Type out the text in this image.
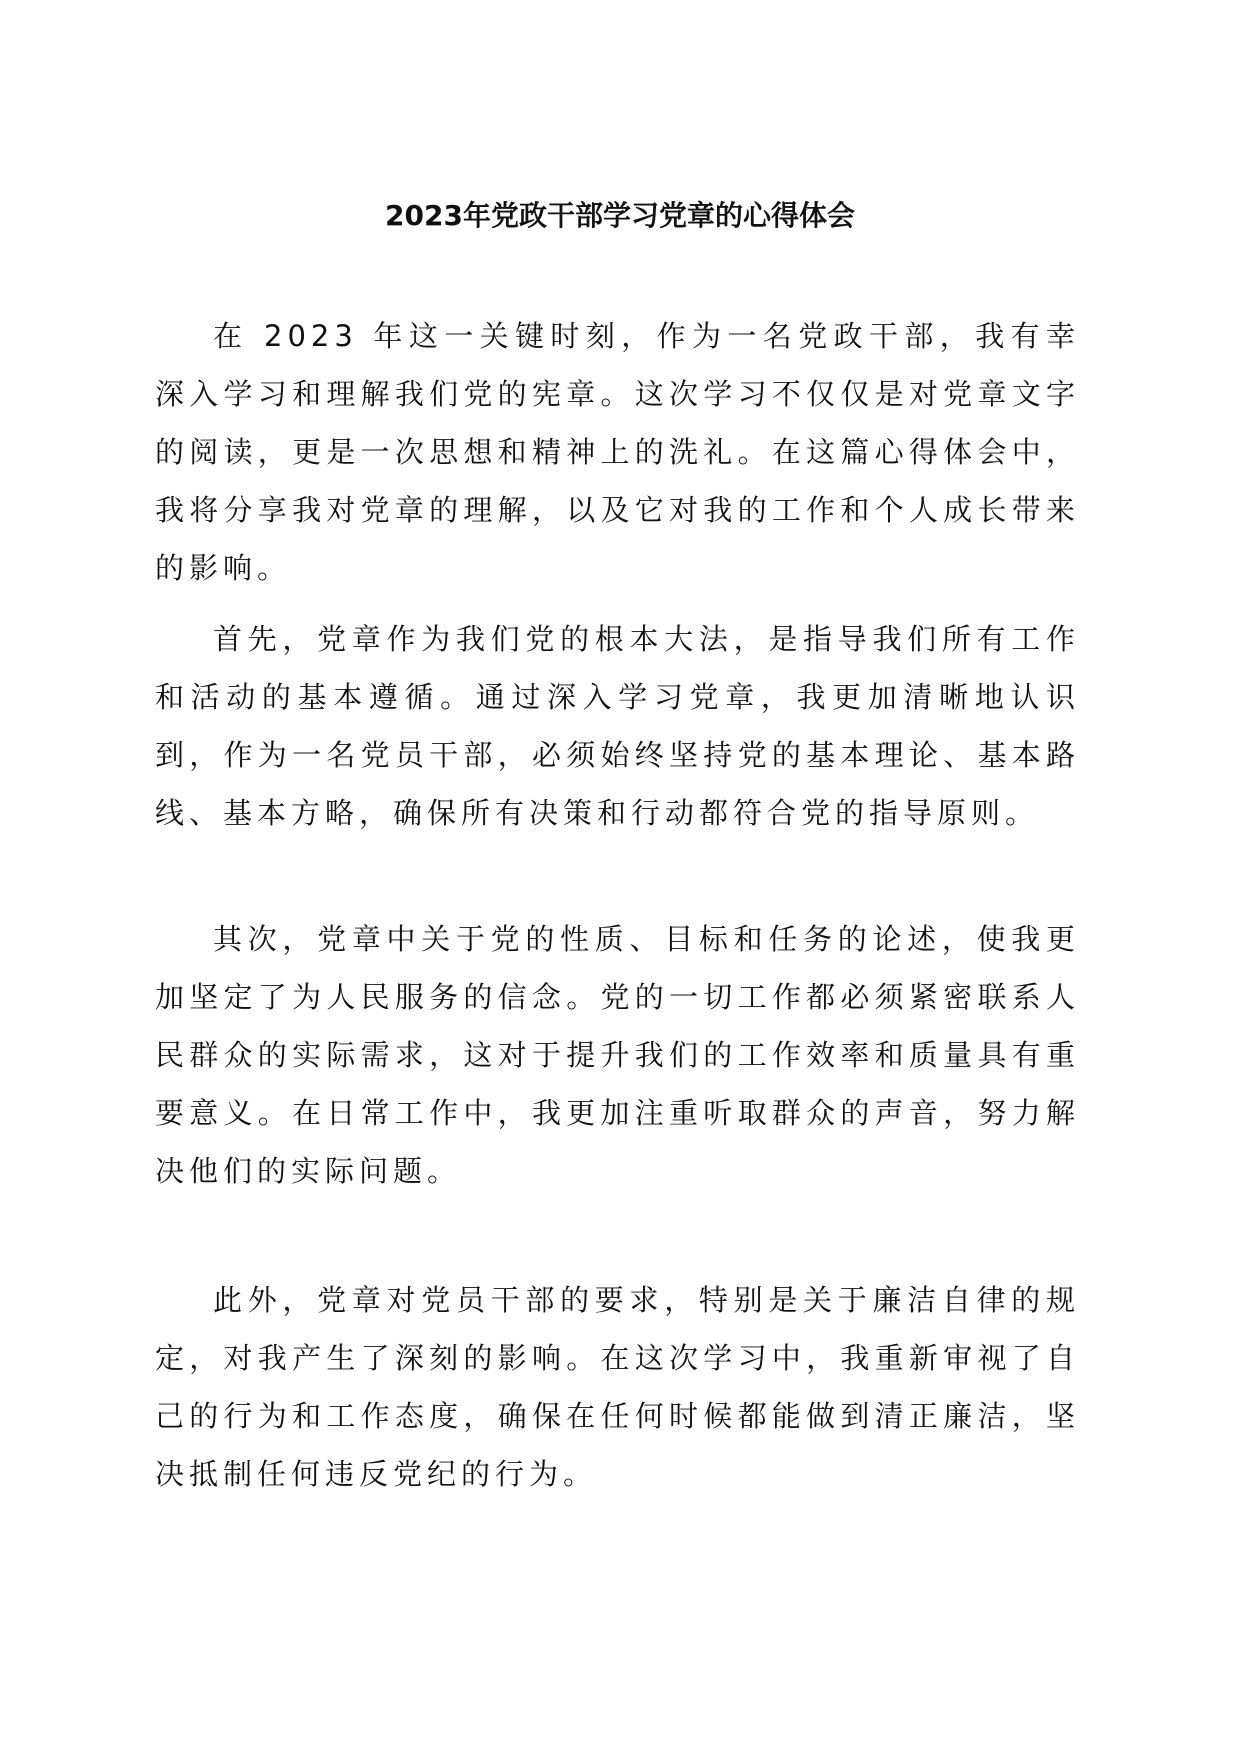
2023年党政干部学习党章的心得体会

在 2023 年这一关键时刻，作为一名党政干部，我有幸深入学习和理解我们党的宪章。这次学习不仅仅是对党章文字的阅读，更是一次思想和精神上的洗礼。在这篇心得体会中，我将分享我对党章的理解，以及它对我的工作和个人成长带来的影响。

首先，党章作为我们党的根本大法，是指导我们所有工作和活动的基本遵循。通过深入学习党章，我更加清晰地认识到，作为一名党员干部，必须始终坚持党的基本理论、基本路线、基本方略，确保所有决策和行动都符合党的指导原则。

其次，党章中关于党的性质、目标和任务的论述，使我更加坚定了为人民服务的信念。党的一切工作都必须紧密联系人民群众的实际需求，这对于提升我们的工作效率和质量具有重要意义。在日常工作中，我更加注重听取群众的声音，努力解决他们的实际问题。

此外，党章对党员干部的要求，特别是关于廉洁自律的规定，对我产生了深刻的影响。在这次学习中，我重新审视了自己的行为和工作态度，确保在任何时候都能做到清正廉洁，坚决抵制任何违反党纪的行为。
